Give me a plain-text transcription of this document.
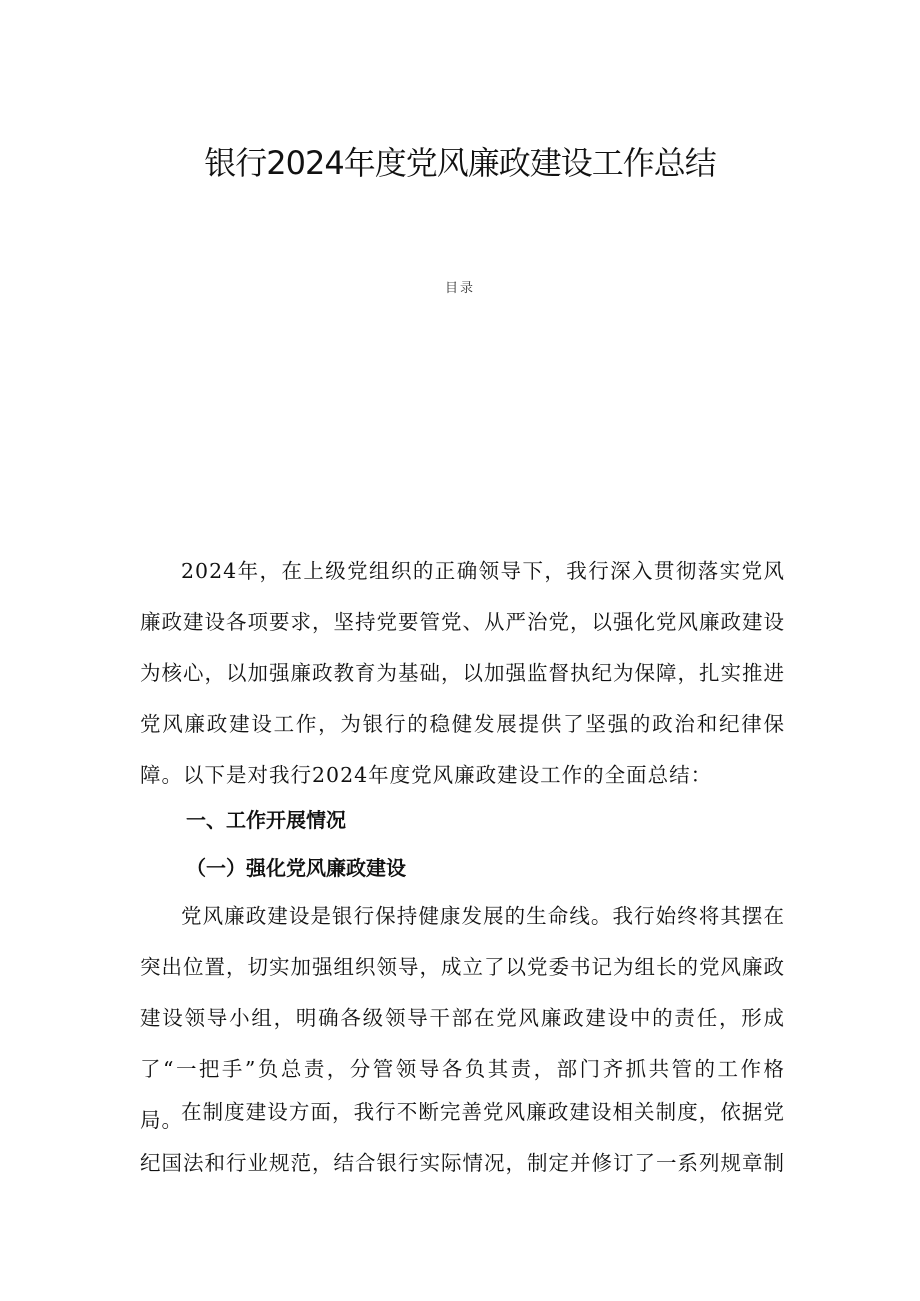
银行2024年度党风廉政建设工作总结
目录

2024年，在上级党组织的正确领导下，我行深入贯彻落实党风廉政建设各项要求，坚持党要管党、从严治党，以强化党风廉政建设为核心，以加强廉政教育为基础，以加强监督执纪为保障，扎实推进党风廉政建设工作，为银行的稳健发展提供了坚强的政治和纪律保障。以下是对我行2024年度党风廉政建设工作的全面总结：

一、工作开展情况

（一）强化党风廉政建设

党风廉政建设是银行保持健康发展的生命线。我行始终将其摆在突出位置，切实加强组织领导，成立了以党委书记为组长的党风廉政建设领导小组，明确各级领导干部在党风廉政建设中的责任，形成了“一把手”负总责，分管领导各负其责，部门齐抓共管的工作格局。

在制度建设方面，我行不断完善党风廉政建设相关制度，依据党纪国法和行业规范，结合银行实际情况，制定并修订了一系列规章制
